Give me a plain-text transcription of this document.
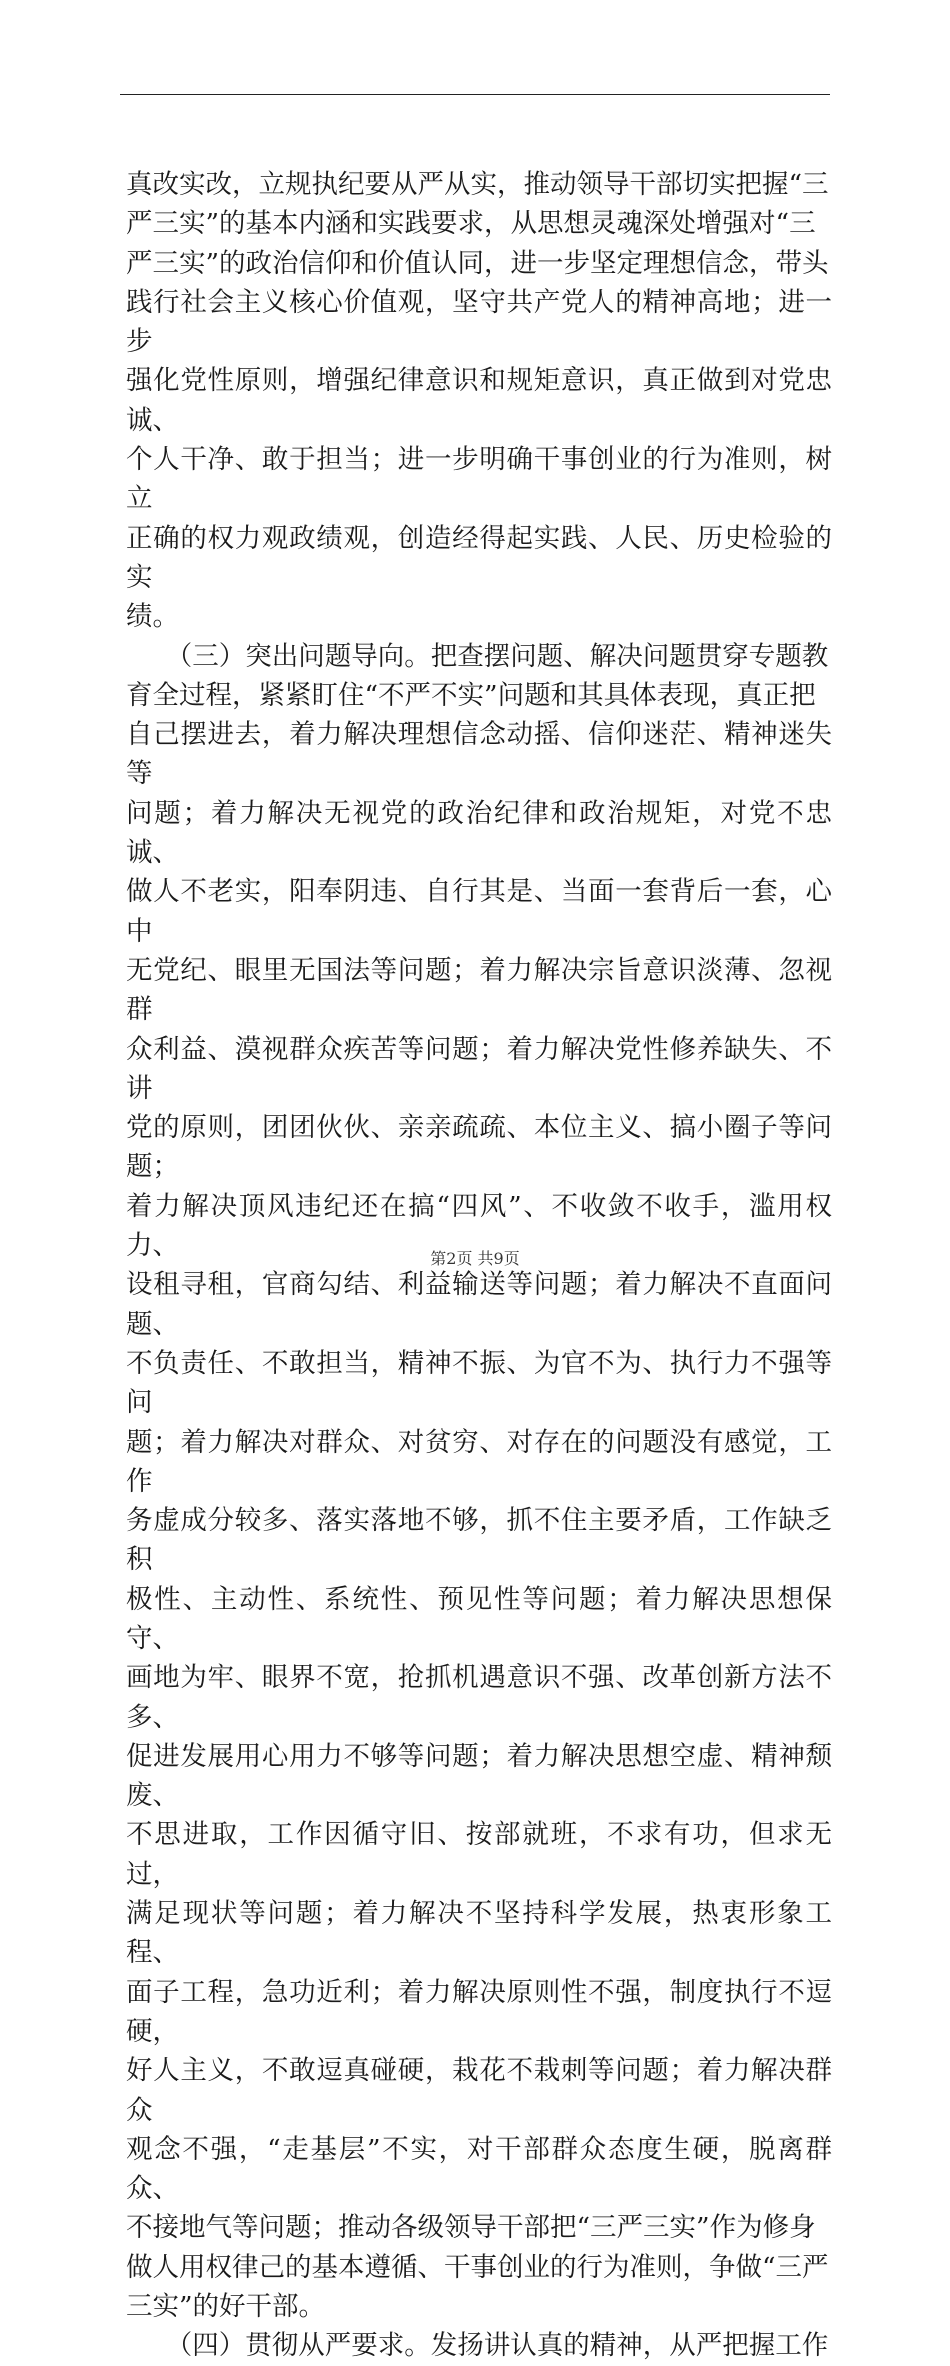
真改实改，立规执纪要从严从实，推动领导干部切实把握“三

严三实”的基本内涵和实践要求，从思想灵魂深处增强对“三

严三实”的政治信仰和价值认同，进一步坚定理想信念，带头

践行社会主义核心价值观，坚守共产党人的精神高地；进一步

强化党性原则，增强纪律意识和规矩意识，真正做到对党忠诚、

个人干净、敢于担当；进一步明确干事创业的行为准则，树立

正确的权力观政绩观，创造经得起实践、人民、历史检验的实

绩。

　　（三）突出问题导向。把查摆问题、解决问题贯穿专题教

育全过程，紧紧盯住“不严不实”问题和其具体表现，真正把

自己摆进去，着力解决理想信念动摇、信仰迷茫、精神迷失等

问题；着力解决无视党的政治纪律和政治规矩，对党不忠诚、

做人不老实，阳奉阴违、自行其是、当面一套背后一套，心中

无党纪、眼里无国法等问题；着力解决宗旨意识淡薄、忽视群

众利益、漠视群众疾苦等问题；着力解决党性修养缺失、不讲

党的原则，团团伙伙、亲亲疏疏、本位主义、搞小圈子等问题；

着力解决顶风违纪还在搞“四风”、不收敛不收手，滥用权力、

设租寻租，官商勾结、利益输送等问题；着力解决不直面问题、

不负责任、不敢担当，精神不振、为官不为、执行力不强等问

题；着力解决对群众、对贫穷、对存在的问题没有感觉，工作

务虚成分较多、落实落地不够，抓不住主要矛盾，工作缺乏积

极性、主动性、系统性、预见性等问题；着力解决思想保守、

画地为牢、眼界不宽，抢抓机遇意识不强、改革创新方法不多、

促进发展用心用力不够等问题；着力解决思想空虚、精神颓废、

不思进取，工作因循守旧、按部就班，不求有功，但求无过，

满足现状等问题；着力解决不坚持科学发展，热衷形象工程、

面子工程，急功近利；着力解决原则性不强，制度执行不逗硬，

好人主义，不敢逗真碰硬，栽花不栽刺等问题；着力解决群众

观念不强，“走基层”不实，对干部群众态度生硬，脱离群众、

不接地气等问题；推动各级领导干部把“三严三实”作为修身

做人用权律己的基本遵循、干事创业的行为准则，争做“三严

三实”的好干部。

　　（四）贯彻从严要求。发扬讲认真的精神，从严把握工作

第2页 共9页
